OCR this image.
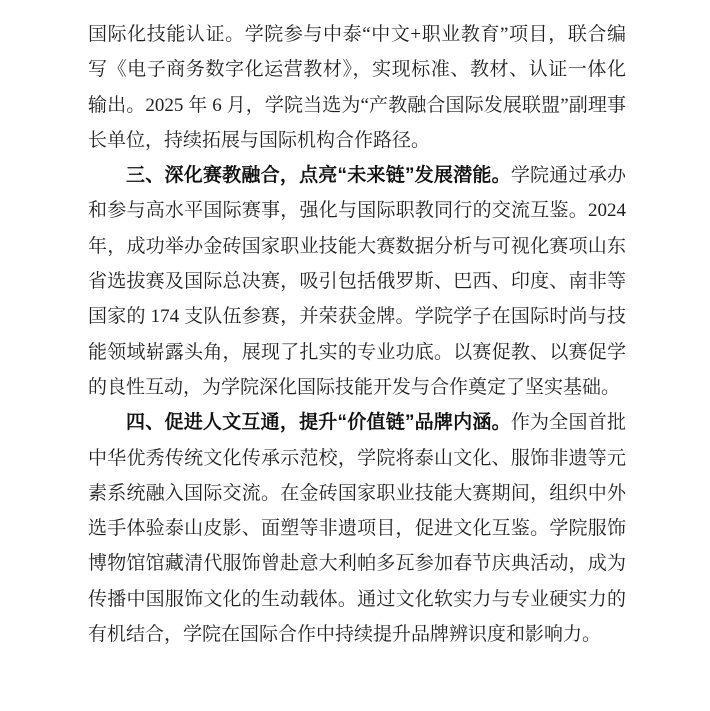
国际化技能认证。学院参与中泰“中文+职业教育”项目，联合编写《电子商务数字化运营教材》，实现标准、教材、认证一体化输出。2025 年 6 月，学院当选为“产教融合国际发展联盟”副理事长单位，持续拓展与国际机构合作路径。

三、深化赛教融合，点亮“未来链”发展潜能。学院通过承办和参与高水平国际赛事，强化与国际职教同行的交流互鉴。2024 年，成功举办金砖国家职业技能大赛数据分析与可视化赛项山东省选拔赛及国际总决赛，吸引包括俄罗斯、巴西、印度、南非等国家的 174 支队伍参赛，并荣获金牌。学院学子在国际时尚与技能领域崭露头角，展现了扎实的专业功底。以赛促教、以赛促学的良性互动，为学院深化国际技能开发与合作奠定了坚实基础。

四、促进人文互通，提升“价值链”品牌内涵。作为全国首批中华优秀传统文化传承示范校，学院将泰山文化、服饰非遗等元素系统融入国际交流。在金砖国家职业技能大赛期间，组织中外选手体验泰山皮影、面塑等非遗项目，促进文化互鉴。学院服饰博物馆馆藏清代服饰曾赴意大利帕多瓦参加春节庆典活动，成为传播中国服饰文化的生动载体。通过文化软实力与专业硬实力的有机结合，学院在国际合作中持续提升品牌辨识度和影响力。
